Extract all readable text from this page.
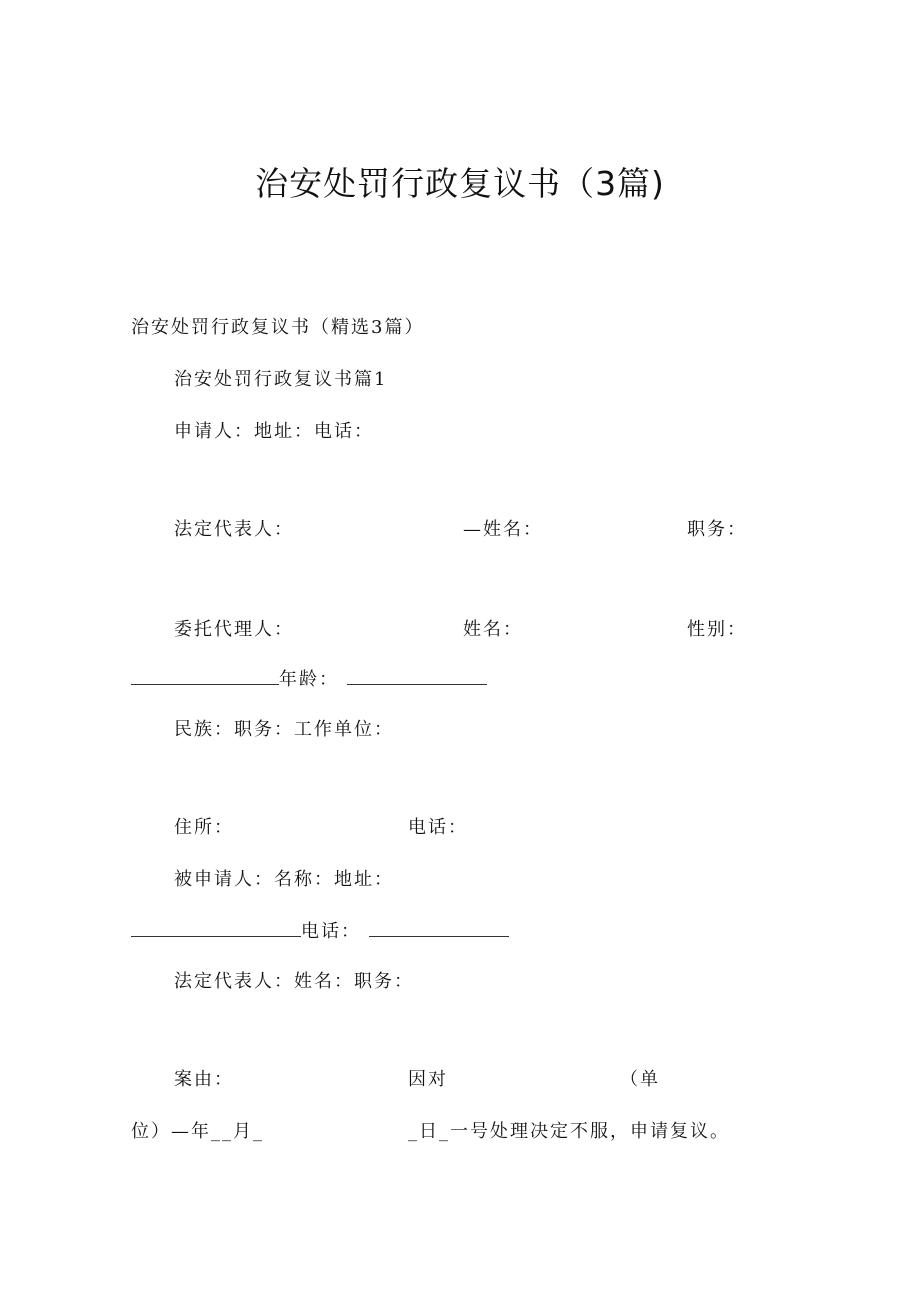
治安处罚行政复议书（3篇)
治安处罚行政复议书（精选3篇）
治安处罚行政复议书篇1
申请人：地址：电话：
法定代表人：	—姓名：	职务：
委托代理人：	姓名：	性别：
年龄：
民族：职务：工作单位：
住所：	电话：
被申请人：名称：地址：
电话：
法定代表人：姓名：职务：
案由：	因对	（单
位）—年__月_	_日_一号处理决定不服，申请复议。
